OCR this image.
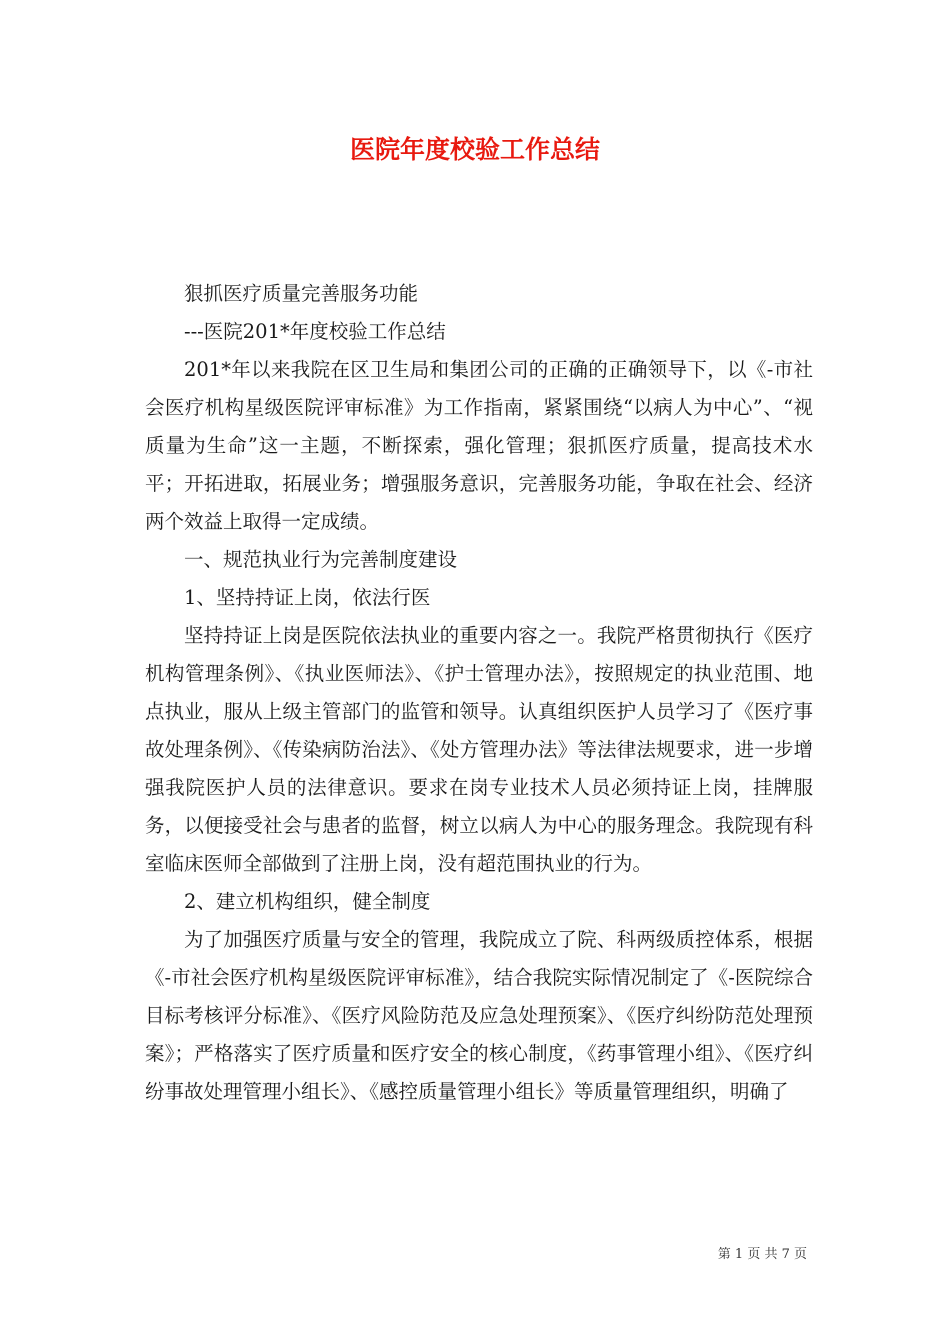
医院年度校验工作总结

狠抓医疗质量完善服务功能

---医院201*年度校验工作总结

201*年以来我院在区卫生局和集团公司的正确的正确领导下，以《-市社会医疗机构星级医院评审标准》为工作指南，紧紧围绕“以病人为中心”、“视质量为生命”这一主题，不断探索，强化管理；狠抓医疗质量，提高技术水平；开拓进取，拓展业务；增强服务意识，完善服务功能，争取在社会、经济两个效益上取得一定成绩。

一、规范执业行为完善制度建设

1、坚持持证上岗，依法行医

坚持持证上岗是医院依法执业的重要内容之一。我院严格贯彻执行《医疗机构管理条例》、《执业医师法》、《护士管理办法》，按照规定的执业范围、地点执业，服从上级主管部门的监管和领导。认真组织医护人员学习了《医疗事故处理条例》、《传染病防治法》、《处方管理办法》等法律法规要求，进一步增强我院医护人员的法律意识。要求在岗专业技术人员必须持证上岗，挂牌服务，以便接受社会与患者的监督，树立以病人为中心的服务理念。我院现有科室临床医师全部做到了注册上岗，没有超范围执业的行为。

2、建立机构组织，健全制度

为了加强医疗质量与安全的管理，我院成立了院、科两级质控体系，根据《-市社会医疗机构星级医院评审标准》，结合我院实际情况制定了《-医院综合目标考核评分标准》、《医疗风险防范及应急处理预案》、《医疗纠纷防范处理预案》；严格落实了医疗质量和医疗安全的核心制度，《药事管理小组》、《医疗纠纷事故处理管理小组长》、《感控质量管理小组长》等质量管理组织，明确了

第 1 页 共 7 页
